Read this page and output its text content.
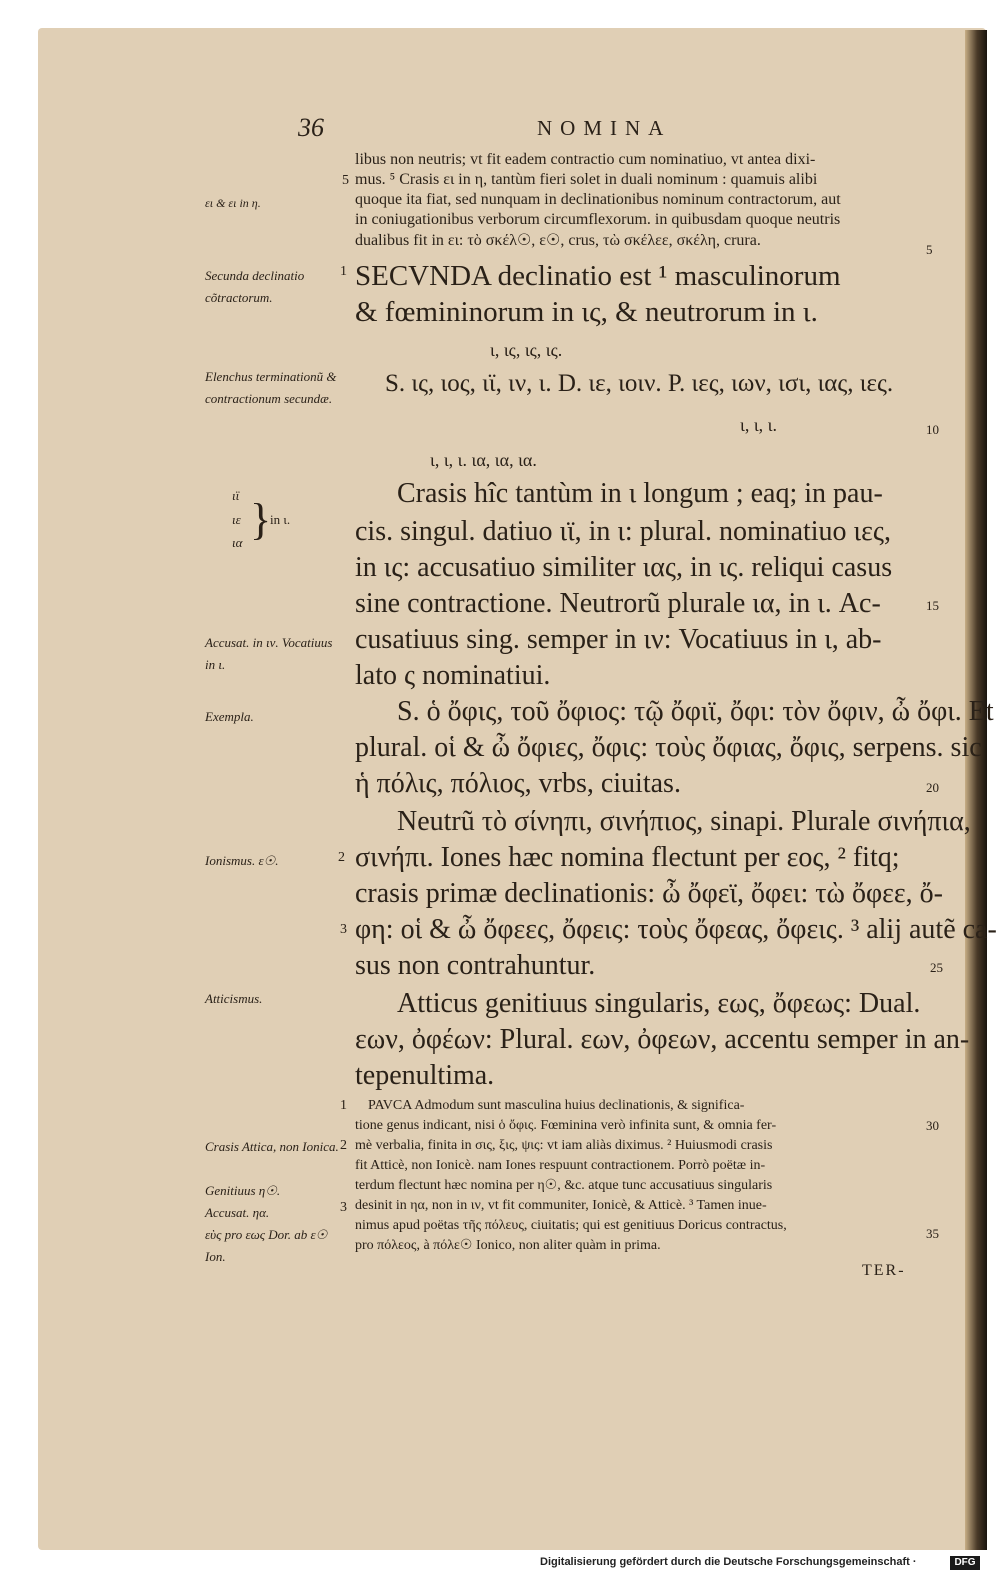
36	NOMINA
libus non neutris; vt fit eadem contractio cum nominatiuo, vt antea dixi-
mus. ⁵ Crasis ει in η, tantùm fieri solet in duali nominum : quamuis alibi
quoque ita fiat, sed nunquam in declinationibus nominum contractorum, aut
in coniugationibus verborum circumflexorum. in quibusdam quoque neutris
dualibus fit in ει: τὸ σκέλ☉, ε☉, crus, τὼ σκέλεε, σκέλη, crura.
SECVNDA declinatio est ¹ masculinorum
& fœmininorum in ις, & neutrorum in ι.
ι, ις, ις, ις.
S. ις, ιος, ιϊ, ιν, ι. D. ιε, ιοιν. P. ιες, ιων, ισι, ιας, ιες.
ι, ι, ι.
ι, ι, ι. ια, ια, ια.
Crasis hîc tantùm in ι longum ; eaq; in pau-
cis. singul. datiuo ιϊ, in ι: plural. nominatiuo ιες,
in ις: accusatiuo similiter ιας, in ις. reliqui casus
sine contractione. Neutrorũ plurale ια, in ι. Ac-
cusatiuus sing. semper in ιν: Vocatiuus in ι, ab-
lato ς nominatiui.
S. ὁ ὄφις, τοῦ ὄφιος: τῷ ὄφιϊ, ὄφι: τὸν ὄφιν, ὦ ὄφι. Et
plural. οἱ & ὦ ὄφιες, ὄφις: τοὺς ὄφιας, ὄφις, serpens. sic
ἡ πόλις, πόλιος, vrbs, ciuitas.
Neutrũ τὸ σίνηπι, σινήπιος, sinapi. Plurale σινήπια,
σινήπι. Iones hæc nomina flectunt per εος, ² fitq;
crasis primæ declinationis: ὦ ὄφεϊ, ὄφει: τὼ ὄφεε, ὄ-
φη: οἱ & ὦ ὄφεες, ὄφεις: τοὺς ὄφεας, ὄφεις. ³ alij autẽ ca-
sus non contrahuntur.
Atticus genitiuus singularis, εως, ὄφεως: Dual.
εων, ὀφέων: Plural. εων, ὀφεων, accentu semper in an-
tepenultima.
PAVCA Admodum sunt masculina huius declinationis, & significa-
tione genus indicant, nisi ὁ ὄφις. Fœminina verò infinita sunt, & omnia fer-
mè verbalia, finita in σις, ξις, ψις: vt iam aliàs diximus. ² Huiusmodi crasis
fit Atticè, non Ionicè. nam Iones respuunt contractionem. Porrò poëtæ in-
terdum flectunt hæc nomina per η☉, &c. atque tunc accusatiuus singularis
desinit in ηα, non in ιν, vt fit communiter, Ionicè, & Atticè. ³ Tamen inue-
nimus apud poëtas τῆς πόλευς, ciuitatis; qui est genitiuus Doricus contractus,
pro πόλεος, à πόλε☉ Ionico, non aliter quàm in prima.
TER-
ει & ει in η.
Secunda declinatio cõtractorum.
Elenchus terminationũ & contractionum secundæ.
ιϊ
ιε
ια }
in ι.
Accusat. in ιν. Vocatiuus in ι.
Exempla.
Ionismus. ε☉.
Atticismus.
Crasis Attica, non Ionica.
Genitiuus η☉.
Accusat. ηα.
εὺς pro εως Dor. ab ε☉ Ion.
5
1
2
3
1
2
3
5
10
15
20
25
30
35
Digitalisierung gefördert durch die Deutsche Forschungsgemeinschaft ·	DFG
